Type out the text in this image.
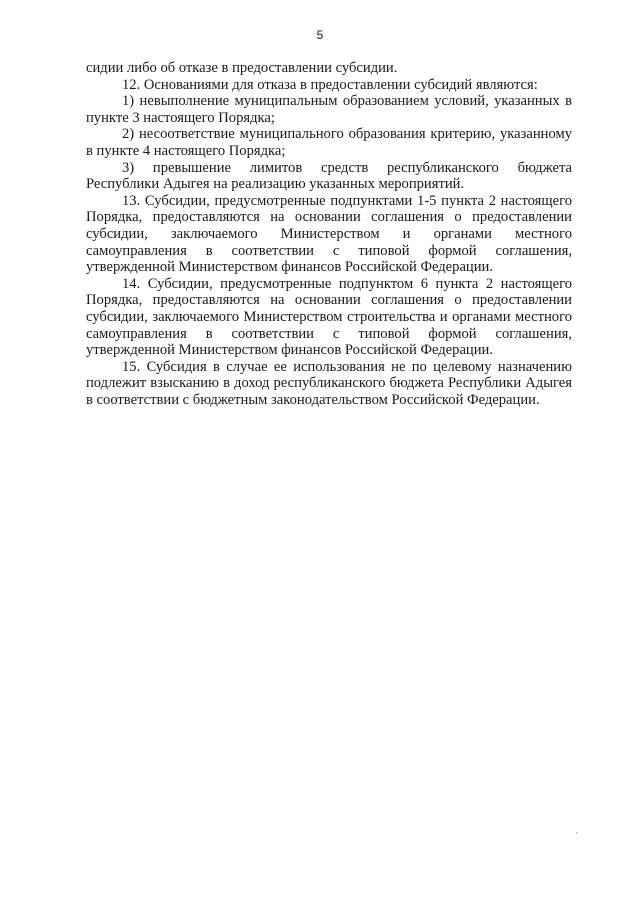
5

сидии либо об отказе в предоставлении субсидии.

12. Основаниями для отказа в предоставлении субсидий являются:

1) невыполнение муниципальным образованием условий, указанных в пункте 3 настоящего Порядка;

2) несоответствие муниципального образования критерию, указанному в пункте 4 настоящего Порядка;

3) превышение лимитов средств республиканского бюджета Республики Адыгея на реализацию указанных мероприятий.

13. Субсидии, предусмотренные подпунктами 1-5 пункта 2 настоящего Порядка, предоставляются на основании соглашения о предоставлении субсидии, заключаемого Министерством и органами местного самоуправления в соответствии с типовой формой соглашения, утвержденной Министерством финансов Российской Федерации.

14. Субсидии, предусмотренные подпунктом 6 пункта 2 настоящего Порядка, предоставляются на основании соглашения о предоставлении субсидии, заключаемого Министерством строительства и органами местного самоуправления в соответствии с типовой формой соглашения, утвержденной Министерством финансов Российской Федерации.

15. Субсидия в случае ее использования не по целевому назначению подлежит взысканию в доход республиканского бюджета Республики Адыгея в соответствии с бюджетным законодательством Российской Федерации.
